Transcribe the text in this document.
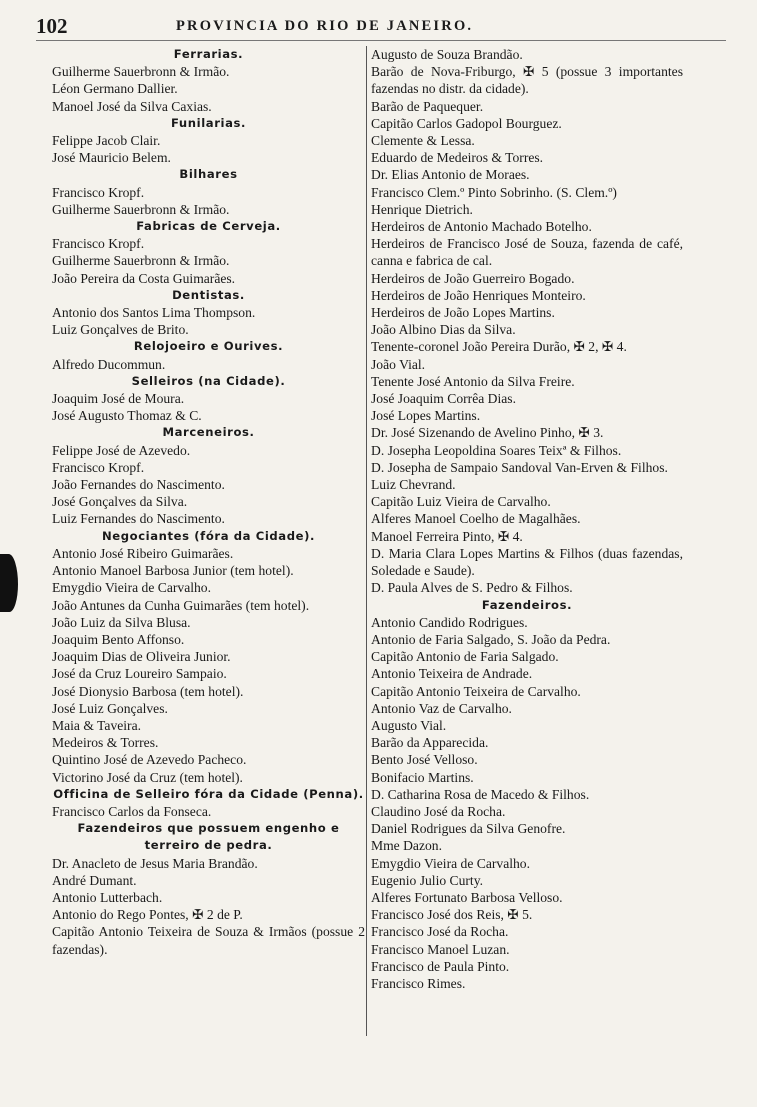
102	PROVINCIA DO RIO DE JANEIRO.
Ferrarias.
Guilherme Sauerbronn & Irmão.
Léon Germano Dallier.
Manoel José da Silva Caxias.
Funilarias.
Felippe Jacob Clair.
José Mauricio Belem.
Bilhares
Francisco Kropf.
Guilherme Sauerbronn & Irmão.
Fabricas de Cerveja.
Francisco Kropf.
Guilherme Sauerbronn & Irmão.
João Pereira da Costa Guimarães.
Dentistas.
Antonio dos Santos Lima Thompson.
Luiz Gonçalves de Brito.
Relojoeiro e Ourives.
Alfredo Ducommun.
Selleiros (na Cidade).
Joaquim José de Moura.
José Augusto Thomaz & C.
Marceneiros.
Felippe José de Azevedo.
Francisco Kropf.
João Fernandes do Nascimento.
José Gonçalves da Silva.
Luiz Fernandes do Nascimento.
Negociantes (fóra da Cidade).
Antonio José Ribeiro Guimarães.
Antonio Manoel Barbosa Junior (tem hotel).
Emygdio Vieira de Carvalho.
João Antunes da Cunha Guimarães (tem hotel).
João Luiz da Silva Blusa.
Joaquim Bento Affonso.
Joaquim Dias de Oliveira Junior.
José da Cruz Loureiro Sampaio.
José Dionysio Barbosa (tem hotel).
José Luiz Gonçalves.
Maia & Taveira.
Medeiros & Torres.
Quintino José de Azevedo Pacheco.
Victorino José da Cruz (tem hotel).
Officina de Selleiro fóra da Cidade (Penna).
Francisco Carlos da Fonseca.
Fazendeiros que possuem engenho e terreiro de pedra.
Dr. Anacleto de Jesus Maria Brandão.
André Dumant.
Antonio Lutterbach.
Antonio do Rego Pontes, ✠ 2 de P.
Capitão Antonio Teixeira de Souza & Irmãos (possue 2 fazendas).
Augusto de Souza Brandão.
Barão de Nova-Friburgo, ✠ 5 (possue 3 importantes fazendas no distr. da cidade).
Barão de Paquequer.
Capitão Carlos Gadopol Bourguez.
Clemente & Lessa.
Eduardo de Medeiros & Torres.
Dr. Elias Antonio de Moraes.
Francisco Clem.º Pinto Sobrinho. (S. Clem.º)
Henrique Dietrich.
Herdeiros de Antonio Machado Botelho.
Herdeiros de Francisco José de Souza, fazenda de café, canna e fabrica de cal.
Herdeiros de João Guerreiro Bogado.
Herdeiros de João Henriques Monteiro.
Herdeiros de João Lopes Martins.
João Albino Dias da Silva.
Tenente-coronel João Pereira Durão, ✠ 2, ✠ 4.
João Vial.
Tenente José Antonio da Silva Freire.
José Joaquim Corrêa Dias.
José Lopes Martins.
Dr. José Sizenando de Avelino Pinho, ✠ 3.
D. Josepha Leopoldina Soares Teixª & Filhos.
D. Josepha de Sampaio Sandoval Van-Erven & Filhos.
Luiz Chevrand.
Capitão Luiz Vieira de Carvalho.
Alferes Manoel Coelho de Magalhães.
Manoel Ferreira Pinto, ✠ 4.
D. Maria Clara Lopes Martins & Filhos (duas fazendas, Soledade e Saude).
D. Paula Alves de S. Pedro & Filhos.
Fazendeiros.
Antonio Candido Rodrigues.
Antonio de Faria Salgado, S. João da Pedra.
Capitão Antonio de Faria Salgado.
Antonio Teixeira de Andrade.
Capitão Antonio Teixeira de Carvalho.
Antonio Vaz de Carvalho.
Augusto Vial.
Barão da Apparecida.
Bento José Velloso.
Bonifacio Martins.
D. Catharina Rosa de Macedo & Filhos.
Claudino José da Rocha.
Daniel Rodrigues da Silva Genofre.
Mme Dazon.
Emygdio Vieira de Carvalho.
Eugenio Julio Curty.
Alferes Fortunato Barbosa Velloso.
Francisco José dos Reis, ✠ 5.
Francisco José da Rocha.
Francisco Manoel Luzan.
Francisco de Paula Pinto.
Francisco Rimes.
